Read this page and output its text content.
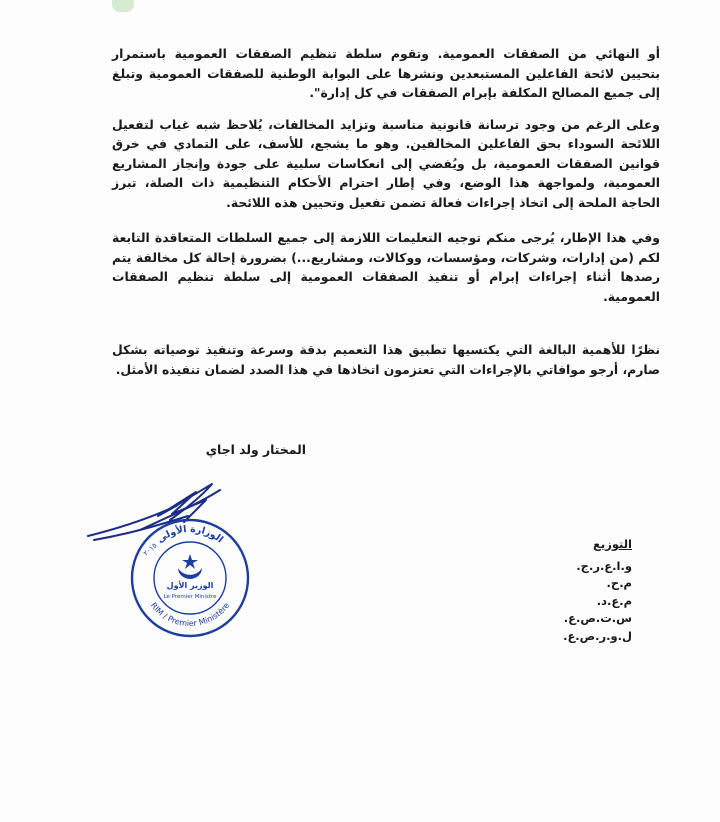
أو النهائي من الصفقات العمومية. وتقوم سلطة تنظيم الصفقات العمومية باستمرار بتحيين لائحة الفاعلين المستبعدين ونشرها على البوابة الوطنية للصفقات العمومية وتبلغ إلى جميع المصالح المكلفة بإبرام الصفقات في كل إدارة".

وعلى الرغم من وجود ترسانة قانونية مناسبة وتزايد المخالفات، يُلاحظ شبه غياب لتفعيل اللائحة السوداء بحق الفاعلين المخالفين. وهو ما يشجع، للأسف، على التمادي في خرق قوانين الصفقات العمومية، بل ويُفضي إلى انعكاسات سلبية على جودة وإنجاز المشاريع العمومية، ولمواجهة هذا الوضع، وفي إطار احترام الأحكام التنظيمية ذات الصلة، تبرز الحاجة الملحة إلى اتخاذ إجراءات فعالة تضمن تفعيل وتحيين هذه اللائحة.

وفي هذا الإطار، يُرجى منكم توجيه التعليمات اللازمة إلى جميع السلطات المتعاقدة التابعة لكم (من إدارات، وشركات، ومؤسسات، ووكالات، ومشاريع...) بضرورة إحالة كل مخالفة يتم رصدها أثناء إجراءات إبرام أو تنفيذ الصفقات العمومية إلى سلطة تنظيم الصفقات العمومية.

نظرًا للأهمية البالغة التي يكتسيها تطبيق هذا التعميم بدقة وسرعة وتنفيذ توصياته بشكل صارم، أرجو موافاتي بالإجراءات التي تعتزمون اتخاذها في هذا الصدد لضمان تنفيذه الأمثل.

المختار ولد اجاي
الوزارة الأولى
٢٠١٥
الوزير الأول
Le Premier Ministre
RIM / Premier Ministère
التوزيع
و.ا.ع.ر.ج.
م.ح.
م.ع.د.
س.ت.ص.ع.
ل.و.ر.ص.ع.
